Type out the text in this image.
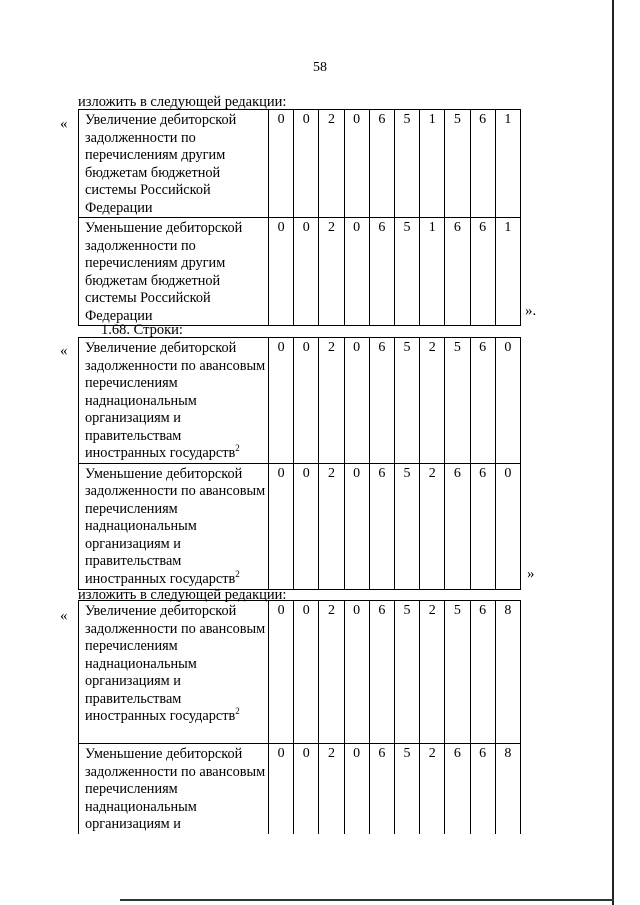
58
изложить в следующей редакции:
« Увеличение дебиторской задолженности по перечислениям другим бюджетам бюджетной системы Российской Федерации	0	0	2	0	6	5	1	5	6	1
Уменьшение дебиторской задолженности по перечислениям другим бюджетам бюджетной системы Российской Федерации	0	0	2	0	6	5	1	6	6	1
».
1.68. Строки:
« Увеличение дебиторской задолженности по авансовым перечислениям наднациональным организациям и правительствам иностранных государств$^2$	0	0	2	0	6	5	2	5	6	0
Уменьшение дебиторской задолженности по авансовым перечислениям наднациональным организациям и правительствам иностранных государств$^2$	0	0	2	0	6	5	2	6	6	0
»
изложить в следующей редакции:
« Увеличение дебиторской задолженности по авансовым перечислениям наднациональным организациям и правительствам иностранных государств$^2$	0	0	2	0	6	5	2	5	6	8
Уменьшение дебиторской задолженности по авансовым перечислениям наднациональным организациям и	0	0	2	0	6	5	2	6	6	8
